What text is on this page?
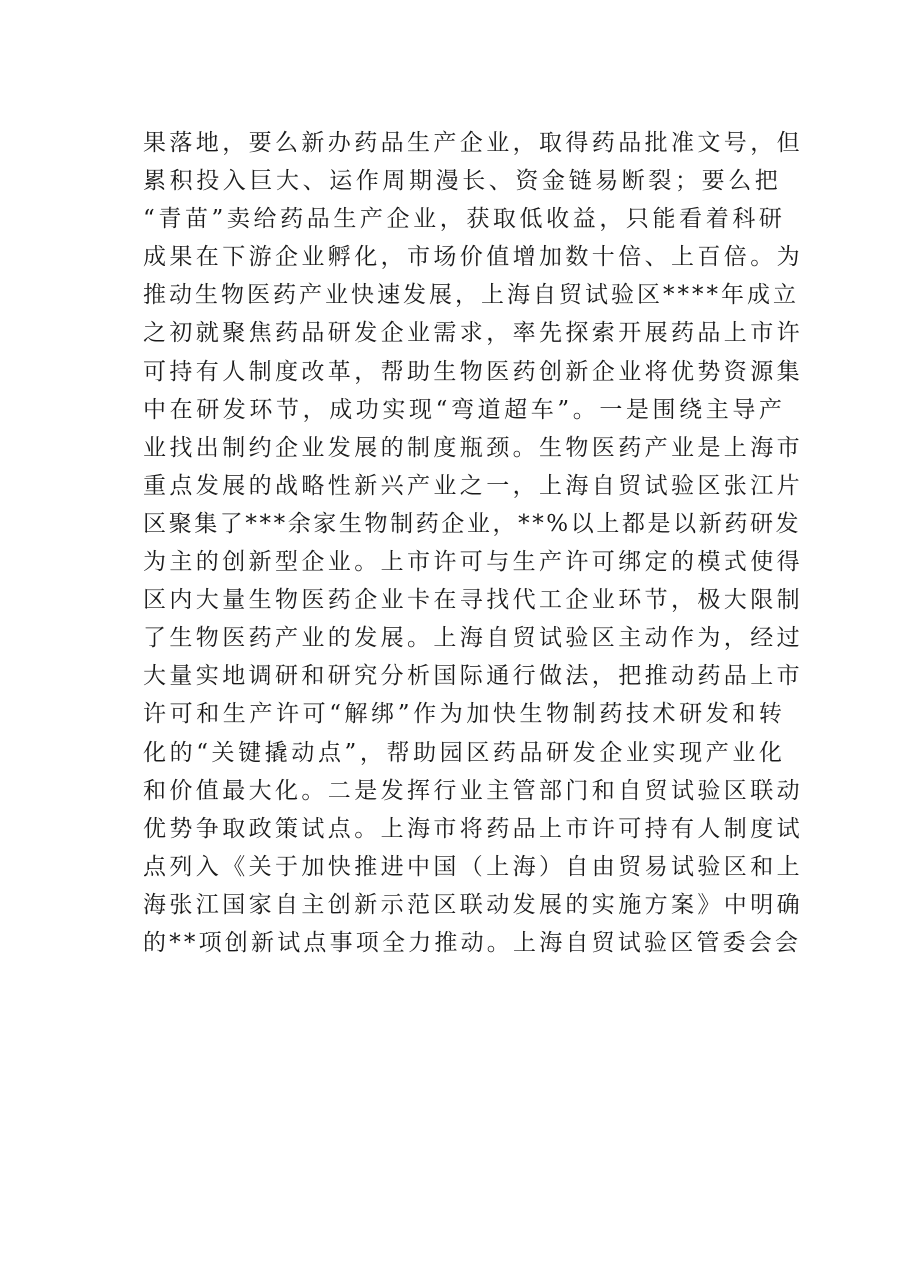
果落地，要么新办药品生产企业，取得药品批准文号，但
累积投入巨大、运作周期漫长、资金链易断裂；要么把
“青苗”卖给药品生产企业，获取低收益，只能看着科研
成果在下游企业孵化，市场价值增加数十倍、上百倍。为
推动生物医药产业快速发展，上海自贸试验区****年成立
之初就聚焦药品研发企业需求，率先探索开展药品上市许
可持有人制度改革，帮助生物医药创新企业将优势资源集
中在研发环节，成功实现“弯道超车”。一是围绕主导产
业找出制约企业发展的制度瓶颈。生物医药产业是上海市
重点发展的战略性新兴产业之一，上海自贸试验区张江片
区聚集了***余家生物制药企业，**%以上都是以新药研发
为主的创新型企业。上市许可与生产许可绑定的模式使得
区内大量生物医药企业卡在寻找代工企业环节，极大限制
了生物医药产业的发展。上海自贸试验区主动作为，经过
大量实地调研和研究分析国际通行做法，把推动药品上市
许可和生产许可“解绑”作为加快生物制药技术研发和转
化的“关键撬动点”，帮助园区药品研发企业实现产业化
和价值最大化。二是发挥行业主管部门和自贸试验区联动
优势争取政策试点。上海市将药品上市许可持有人制度试
点列入《关于加快推进中国（上海）自由贸易试验区和上
海张江国家自主创新示范区联动发展的实施方案》中明确
的**项创新试点事项全力推动。上海自贸试验区管委会会
